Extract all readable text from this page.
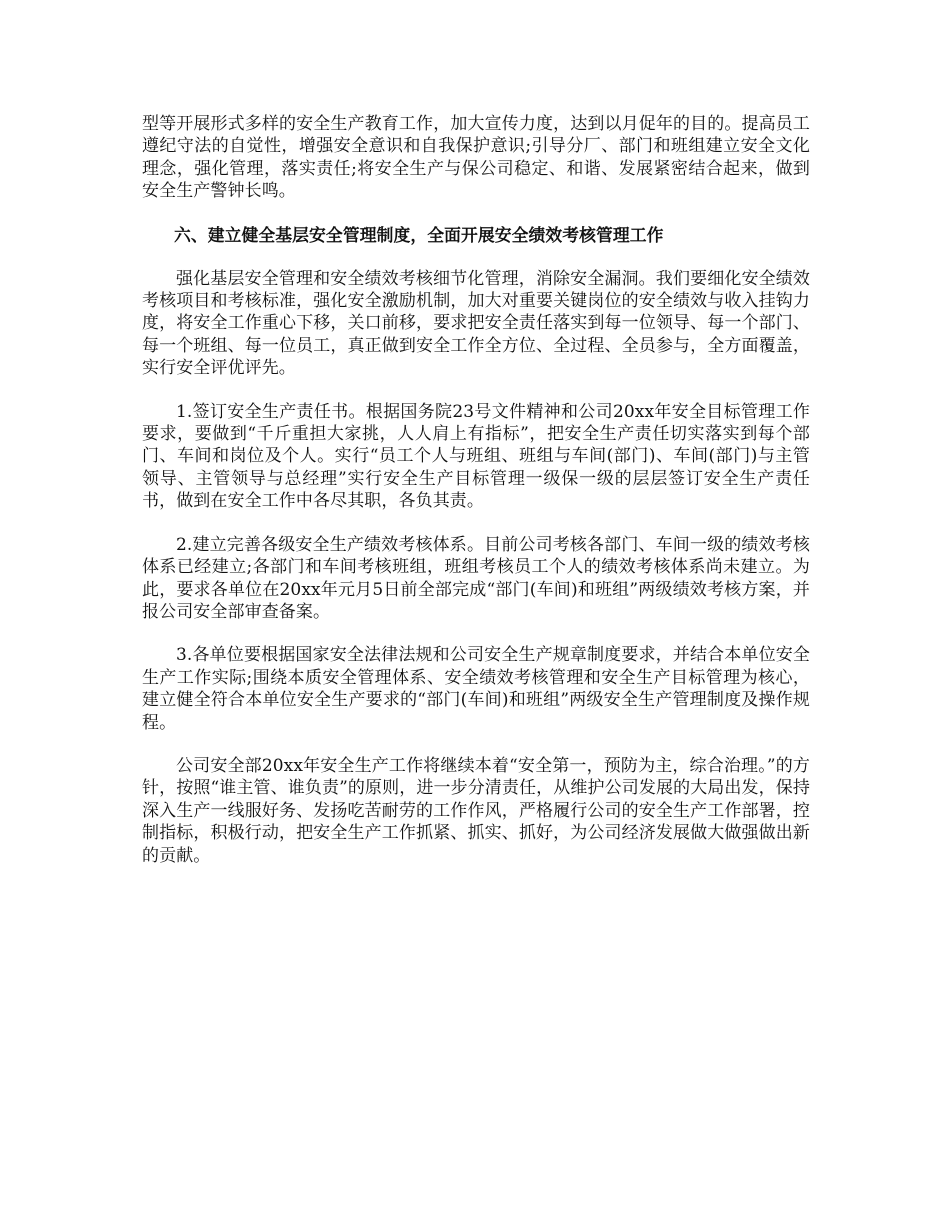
型等开展形式多样的安全生产教育工作，加大宣传力度，达到以月促年的目的。提高员工遵纪守法的自觉性，增强安全意识和自我保护意识;引导分厂、部门和班组建立安全文化理念，强化管理，落实责任;将安全生产与保公司稳定、和谐、发展紧密结合起来，做到安全生产警钟长鸣。

六、建立健全基层安全管理制度，全面开展安全绩效考核管理工作

强化基层安全管理和安全绩效考核细节化管理，消除安全漏洞。我们要细化安全绩效考核项目和考核标准，强化安全激励机制，加大对重要关键岗位的安全绩效与收入挂钩力度，将安全工作重心下移，关口前移，要求把安全责任落实到每一位领导、每一个部门、每一个班组、每一位员工，真正做到安全工作全方位、全过程、全员参与，全方面覆盖，实行安全评优评先。

1.签订安全生产责任书。根据国务院23号文件精神和公司20xx年安全目标管理工作要求，要做到“千斤重担大家挑，人人肩上有指标”，把安全生产责任切实落实到每个部门、车间和岗位及个人。实行“员工个人与班组、班组与车间(部门)、车间(部门)与主管领导、主管领导与总经理”实行安全生产目标管理一级保一级的层层签订安全生产责任书，做到在安全工作中各尽其职，各负其责。

2.建立完善各级安全生产绩效考核体系。目前公司考核各部门、车间一级的绩效考核体系已经建立;各部门和车间考核班组，班组考核员工个人的绩效考核体系尚未建立。为此，要求各单位在20xx年元月5日前全部完成“部门(车间)和班组”两级绩效考核方案，并报公司安全部审查备案。

3.各单位要根据国家安全法律法规和公司安全生产规章制度要求，并结合本单位安全生产工作实际;围绕本质安全管理体系、安全绩效考核管理和安全生产目标管理为核心，建立健全符合本单位安全生产要求的“部门(车间)和班组”两级安全生产管理制度及操作规程。

公司安全部20xx年安全生产工作将继续本着“安全第一，预防为主，综合治理。”的方针，按照“谁主管、谁负责”的原则，进一步分清责任，从维护公司发展的大局出发，保持深入生产一线服好务、发扬吃苦耐劳的工作作风，严格履行公司的安全生产工作部署，控制指标，积极行动，把安全生产工作抓紧、抓实、抓好，为公司经济发展做大做强做出新的贡献。
